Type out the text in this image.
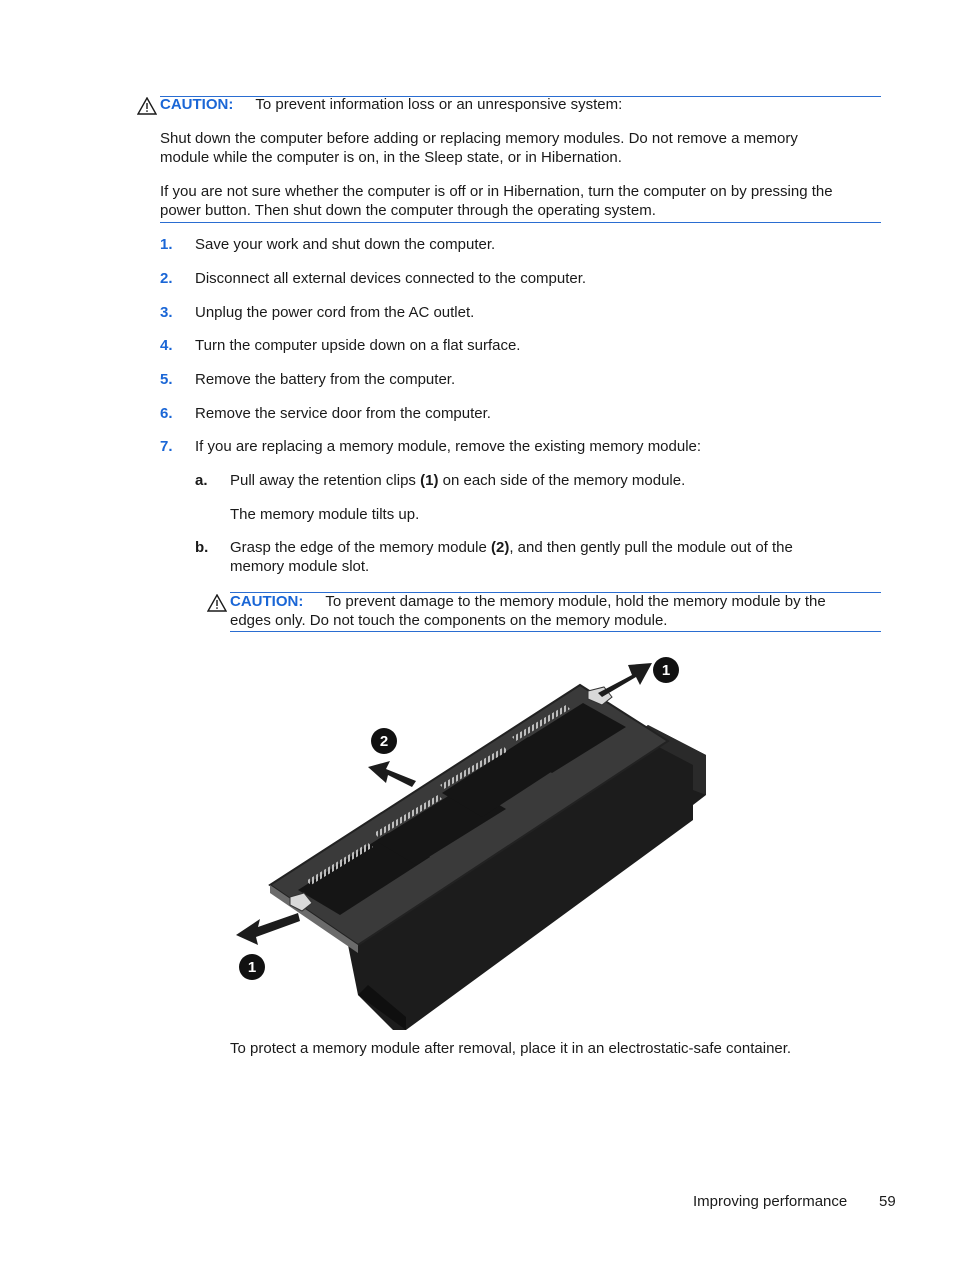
CAUTION: To prevent information loss or an unresponsive system:
Shut down the computer before adding or replacing memory modules. Do not remove a memory
module while the computer is on, in the Sleep state, or in Hibernation.
If you are not sure whether the computer is off or in Hibernation, turn the computer on by pressing the
power button. Then shut down the computer through the operating system.
1. Save your work and shut down the computer.
2. Disconnect all external devices connected to the computer.
3. Unplug the power cord from the AC outlet.
4. Turn the computer upside down on a flat surface.
5. Remove the battery from the computer.
6. Remove the service door from the computer.
7. If you are replacing a memory module, remove the existing memory module:
a. Pull away the retention clips (1) on each side of the memory module.
The memory module tilts up.
b. Grasp the edge of the memory module (2), and then gently pull the module out of the
memory module slot.
CAUTION: To prevent damage to the memory module, hold the memory module by the
edges only. Do not touch the components on the memory module.
1
2
1
To protect a memory module after removal, place it in an electrostatic-safe container.
Improving performance 59
